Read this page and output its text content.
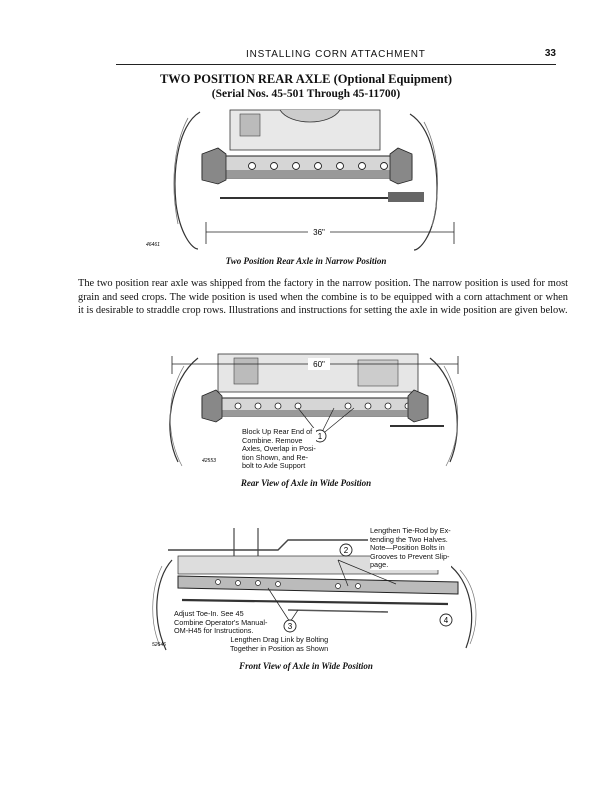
INSTALLING CORN ATTACHMENT	33
TWO POSITION REAR AXLE (Optional Equipment)
(Serial Nos. 45-501 Through 45-11700)
36"
46461
Two Position Rear Axle in Narrow Position
The two position rear axle was shipped from the factory in the narrow position. The narrow position is used for most grain and seed crops. The wide position is used when the combine is to be equipped with a corn attachment or when it is desirable to straddle crop rows. Illustrations and instructions for setting the axle in wide position are given below.
60"
1
42553
Block Up Rear End of
Combine. Remove
Axles, Overlap in Posi-
tion Shown, and Re-
bolt to Axle Support
Rear View of Axle in Wide Position
2
3
4
52646
Lengthen Tie-Rod by Ex-
tending the Two Halves.
Note—Position Bolts in
Grooves to Prevent Slip-
page.
Adjust Toe-In. See 45
Combine Operator's Manual-
OM-H45 for Instructions.
Lengthen Drag Link by Bolting
Together in Position as Shown
Front View of Axle in Wide Position
